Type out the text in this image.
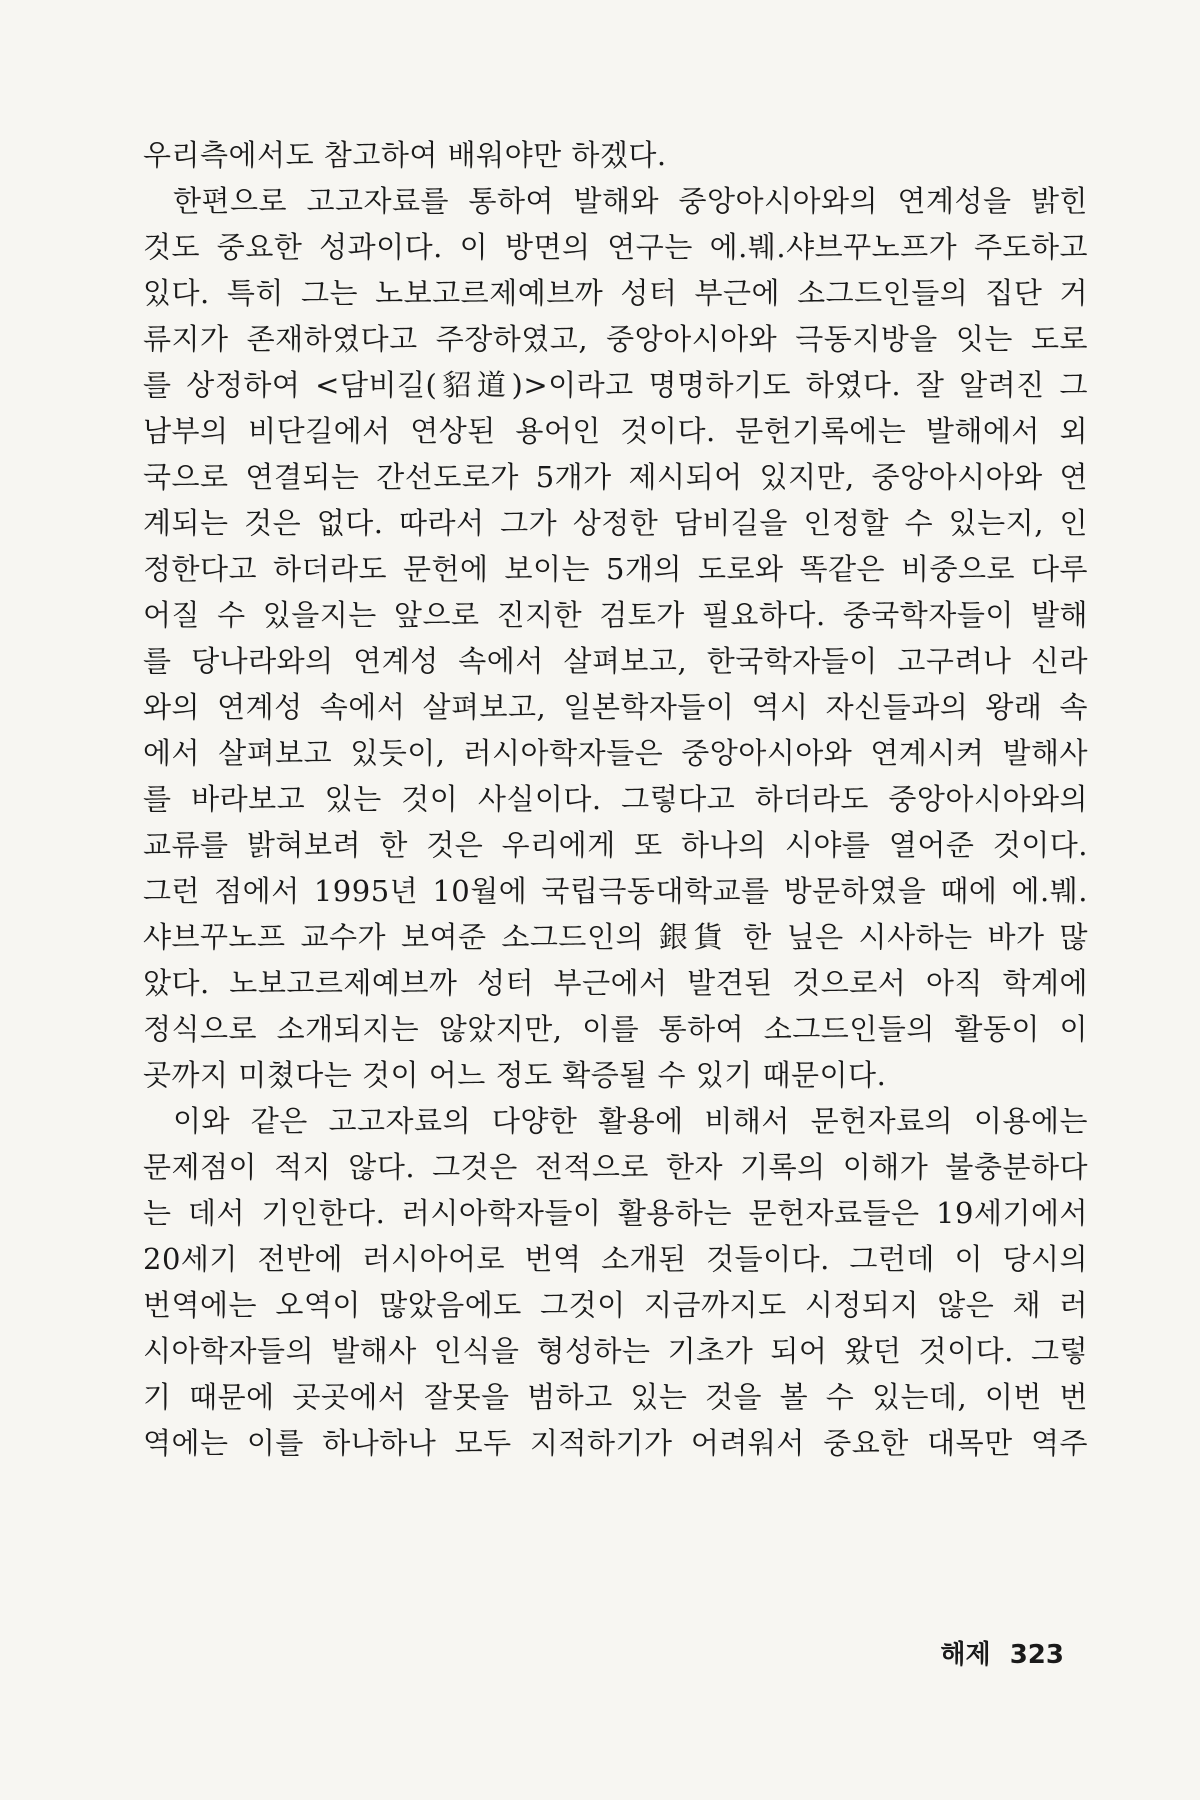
우리측에서도 참고하여 배워야만 하겠다.
한편으로 고고자료를 통하여 발해와 중앙아시아와의 연계성을 밝힌
것도 중요한 성과이다. 이 방면의 연구는 에.붸.샤브꾸노프가 주도하고
있다. 특히 그는 노보고르제예브까 성터 부근에 소그드인들의 집단 거
류지가 존재하였다고 주장하였고, 중앙아시아와 극동지방을 잇는 도로
를 상정하여 <담비길(貂道)>이라고 명명하기도 하였다. 잘 알려진 그
남부의 비단길에서 연상된 용어인 것이다. 문헌기록에는 발해에서 외
국으로 연결되는 간선도로가 5개가 제시되어 있지만, 중앙아시아와 연
계되는 것은 없다. 따라서 그가 상정한 담비길을 인정할 수 있는지, 인
정한다고 하더라도 문헌에 보이는 5개의 도로와 똑같은 비중으로 다루
어질 수 있을지는 앞으로 진지한 검토가 필요하다. 중국학자들이 발해
를 당나라와의 연계성 속에서 살펴보고, 한국학자들이 고구려나 신라
와의 연계성 속에서 살펴보고, 일본학자들이 역시 자신들과의 왕래 속
에서 살펴보고 있듯이, 러시아학자들은 중앙아시아와 연계시켜 발해사
를 바라보고 있는 것이 사실이다. 그렇다고 하더라도 중앙아시아와의
교류를 밝혀보려 한 것은 우리에게 또 하나의 시야를 열어준 것이다.
그런 점에서 1995년 10월에 국립극동대학교를 방문하였을 때에 에.붸.
샤브꾸노프 교수가 보여준 소그드인의 銀貨 한 닢은 시사하는 바가 많
았다. 노보고르제예브까 성터 부근에서 발견된 것으로서 아직 학계에
정식으로 소개되지는 않았지만, 이를 통하여 소그드인들의 활동이 이
곳까지 미쳤다는 것이 어느 정도 확증될 수 있기 때문이다.
이와 같은 고고자료의 다양한 활용에 비해서 문헌자료의 이용에는
문제점이 적지 않다. 그것은 전적으로 한자 기록의 이해가 불충분하다
는 데서 기인한다. 러시아학자들이 활용하는 문헌자료들은 19세기에서
20세기 전반에 러시아어로 번역 소개된 것들이다. 그런데 이 당시의
번역에는 오역이 많았음에도 그것이 지금까지도 시정되지 않은 채 러
시아학자들의 발해사 인식을 형성하는 기초가 되어 왔던 것이다. 그렇
기 때문에 곳곳에서 잘못을 범하고 있는 것을 볼 수 있는데, 이번 번
역에는 이를 하나하나 모두 지적하기가 어려워서 중요한 대목만 역주
해제 323
